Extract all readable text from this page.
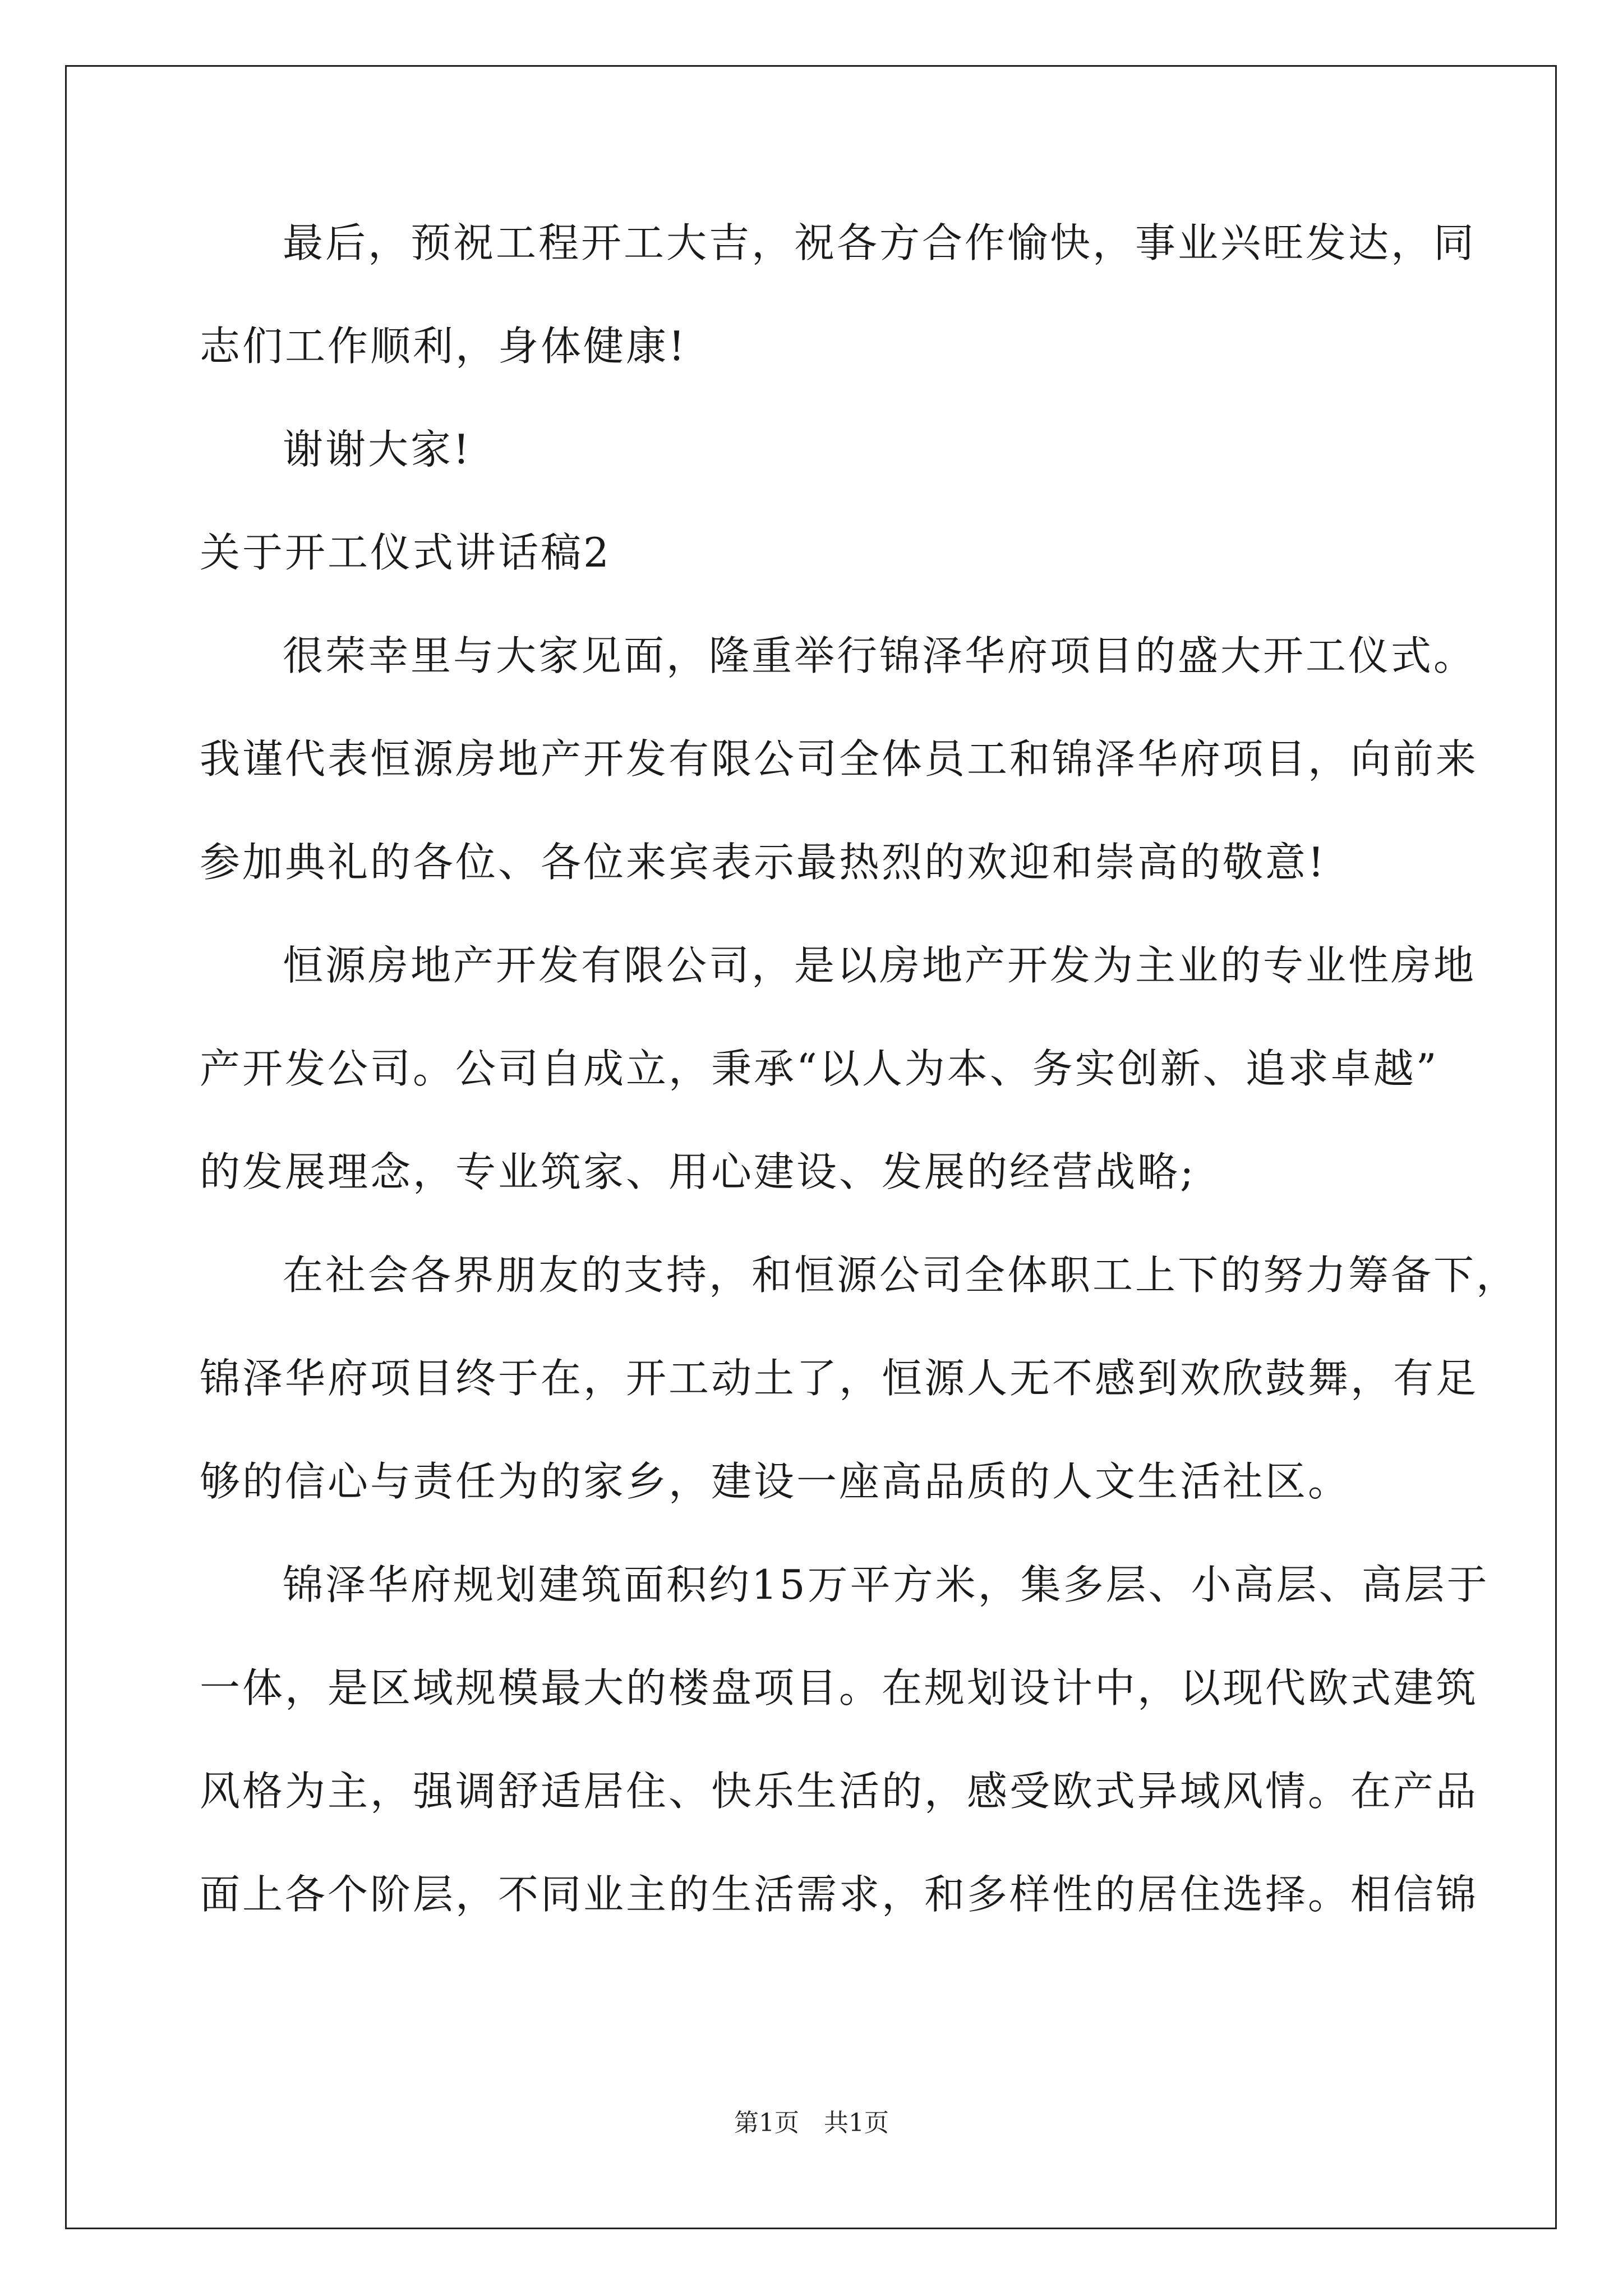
最后，预祝工程开工大吉，祝各方合作愉快，事业兴旺发达，同
志们工作顺利，身体健康!
谢谢大家!
关于开工仪式讲话稿2
很荣幸里与大家见面，隆重举行锦泽华府项目的盛大开工仪式。
我谨代表恒源房地产开发有限公司全体员工和锦泽华府项目，向前来
参加典礼的各位、各位来宾表示最热烈的欢迎和崇高的敬意!
恒源房地产开发有限公司，是以房地产开发为主业的专业性房地
产开发公司。公司自成立，秉承“以人为本、务实创新、追求卓越”
的发展理念，专业筑家、用心建设、发展的经营战略;
在社会各界朋友的支持，和恒源公司全体职工上下的努力筹备下，
锦泽华府项目终于在，开工动土了，恒源人无不感到欢欣鼓舞，有足
够的信心与责任为的家乡，建设一座高品质的人文生活社区。
锦泽华府规划建筑面积约15万平方米，集多层、小高层、高层于
一体，是区域规模最大的楼盘项目。在规划设计中，以现代欧式建筑
风格为主，强调舒适居住、快乐生活的，感受欧式异域风情。在产品
面上各个阶层，不同业主的生活需求，和多样性的居住选择。相信锦
第1页　共1页
